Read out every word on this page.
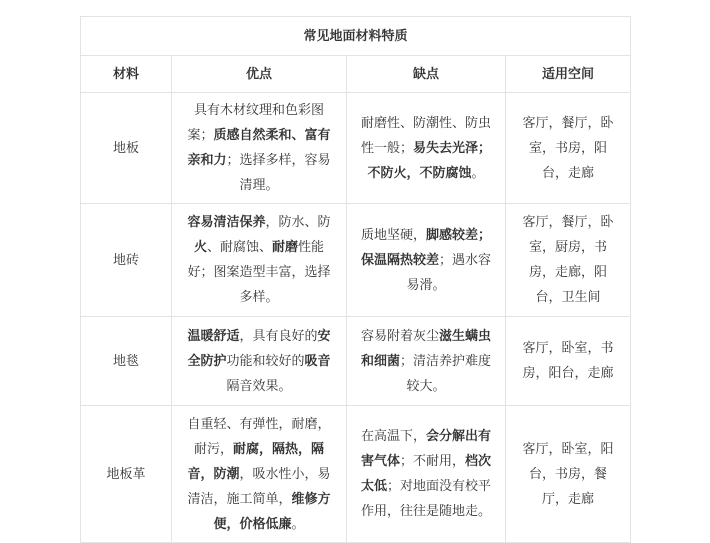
常见地面材料特质			
材料	优点	缺点	适用空间
地板	具有木材纹理和色彩图案；质感自然柔和、富有亲和力；选择多样，容易清理。	耐磨性、防潮性、防虫性一般；易失去光泽；不防火，不防腐蚀。	客厅，餐厅，卧室，书房，阳台，走廊
地砖	容易清洁保养，防水、防火、耐腐蚀、耐磨性能好；图案造型丰富，选择多样。	质地坚硬，脚感较差；保温隔热较差；遇水容易滑。	客厅，餐厅，卧室，厨房，书房，走廊，阳台，卫生间
地毯	温暖舒适，具有良好的安全防护功能和较好的吸音隔音效果。	容易附着灰尘滋生螨虫和细菌；清洁养护难度较大。	客厅，卧室，书房，阳台，走廊
地板革	自重轻、有弹性，耐磨，耐污，耐腐，隔热，隔音，防潮，吸水性小，易清洁，施工简单，维修方便，价格低廉。	在高温下，会分解出有害气体；不耐用，档次太低；对地面没有校平作用，往往是随地走。	客厅，卧室，阳台，书房，餐厅，走廊
